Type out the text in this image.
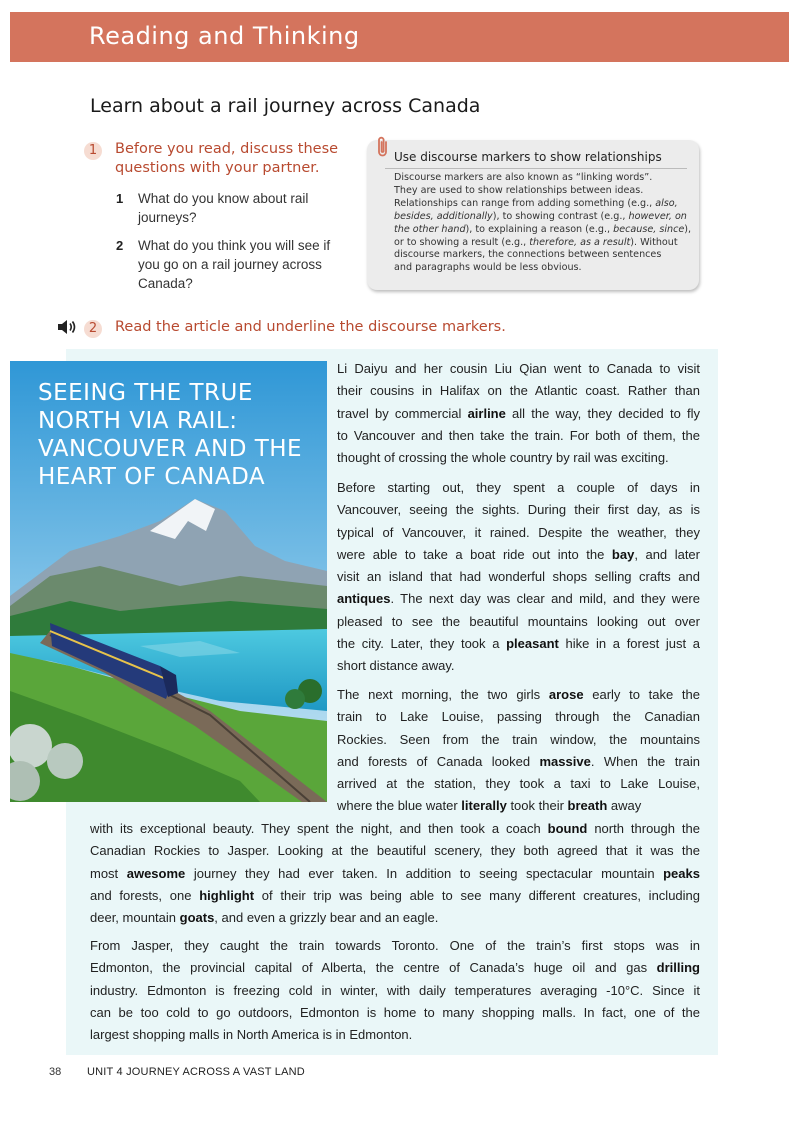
Reading and Thinking
Learn about a rail journey across Canada
1	Before you read, discuss these
questions with your partner.
1 What do you know about rail
journeys?
2 What do you think you will see if
you go on a rail journey across
Canada?
Use discourse markers to show relationships
Discourse markers are also known as “linking words”.
They are used to show relationships between ideas.
Relationships can range from adding something (e.g., also,
besides, additionally), to showing contrast (e.g., however, on
the other hand), to explaining a reason (e.g., because, since),
or to showing a result (e.g., therefore, as a result). Without
discourse markers, the connections between sentences
and paragraphs would be less obvious.
2	Read the article and underline the discourse markers.
SEEING THE TRUE
NORTH VIA RAIL:
VANCOUVER AND THE
HEART OF CANADA
Li Daiyu and her cousin Liu Qian went to Canada to visit
their cousins in Halifax on the Atlantic coast. Rather than
travel by commercial airline all the way, they decided to fly
to Vancouver and then take the train. For both of them, the
thought of crossing the whole country by rail was exciting.
Before starting out, they spent a couple of days in
Vancouver, seeing the sights. During their first day, as is
typical of Vancouver, it rained. Despite the weather, they
were able to take a boat ride out into the bay, and later
visit an island that had wonderful shops selling crafts and
antiques. The next day was clear and mild, and they were
pleased to see the beautiful mountains looking out over
the city. Later, they took a pleasant hike in a forest just a
short distance away.
The next morning, the two girls arose early to take the
train to Lake Louise, passing through the Canadian
Rockies. Seen from the train window, the mountains
and forests of Canada looked massive. When the train
arrived at the station, they took a taxi to Lake Louise,
where the blue water literally took their breath away
with its exceptional beauty. They spent the night, and then took a coach bound north through the
Canadian Rockies to Jasper. Looking at the beautiful scenery, they both agreed that it was the
most awesome journey they had ever taken. In addition to seeing spectacular mountain peaks
and forests, one highlight of their trip was being able to see many different creatures, including
deer, mountain goats, and even a grizzly bear and an eagle.
From Jasper, they caught the train towards Toronto. One of the train’s first stops was in
Edmonton, the provincial capital of Alberta, the centre of Canada’s huge oil and gas drilling
industry. Edmonton is freezing cold in winter, with daily temperatures averaging -10°C. Since it
can be too cold to go outdoors, Edmonton is home to many shopping malls. In fact, one of the
largest shopping malls in North America is in Edmonton.
38 UNIT 4 JOURNEY ACROSS A VAST LAND
